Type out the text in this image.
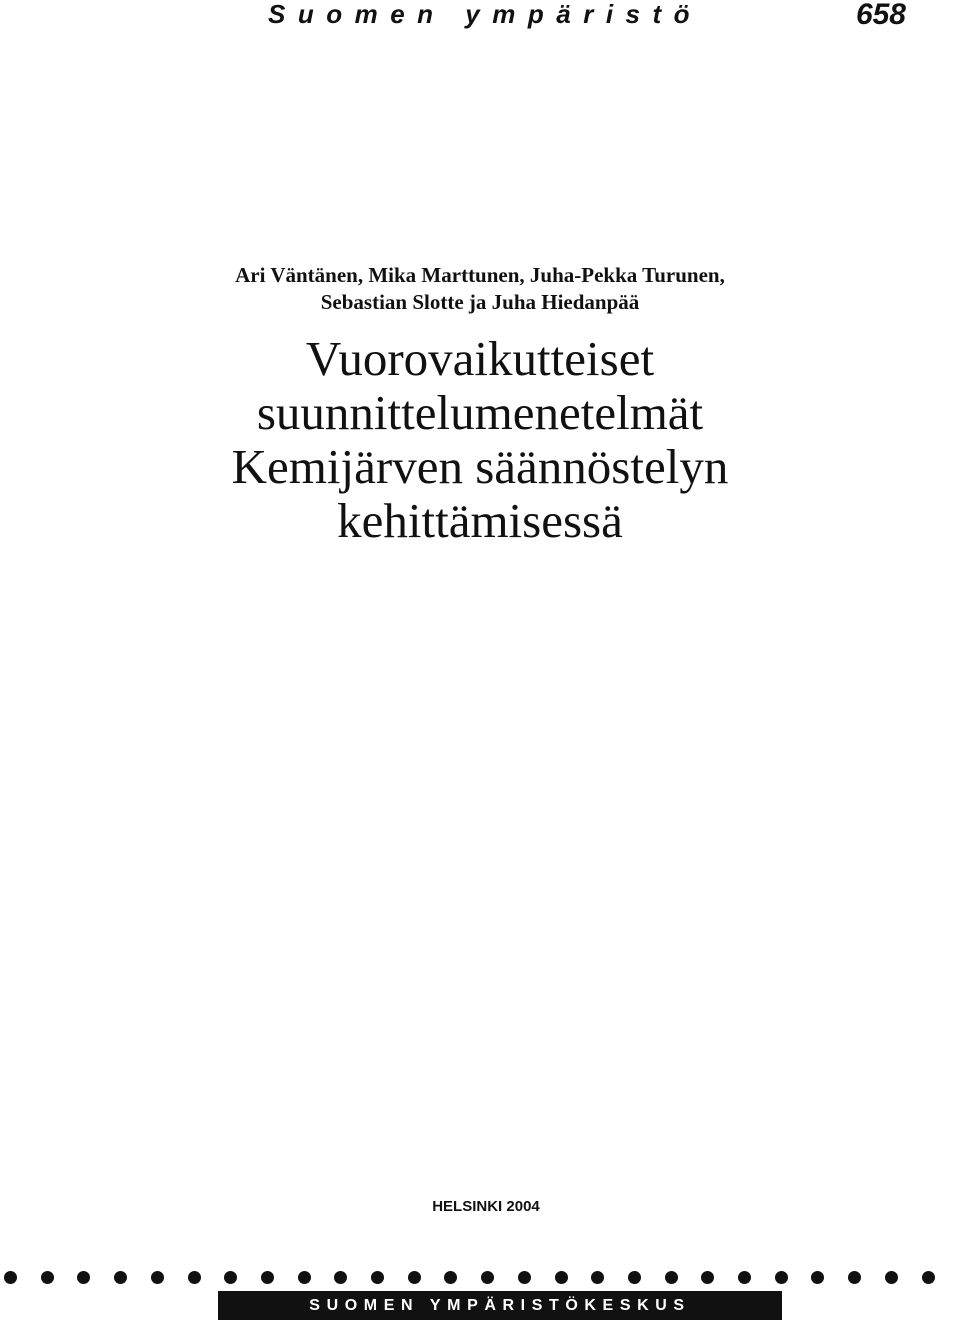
Suomen ympäristö	658
Ari Väntänen, Mika Marttunen, Juha-Pekka Turunen,
Sebastian Slotte ja Juha Hiedanpää
Vuorovaikutteiset
suunnittelumenetelmät
Kemijärven säännöstelyn
kehittämisessä
HELSINKI 2004
SUOMEN YMPÄRISTÖKESKUS
